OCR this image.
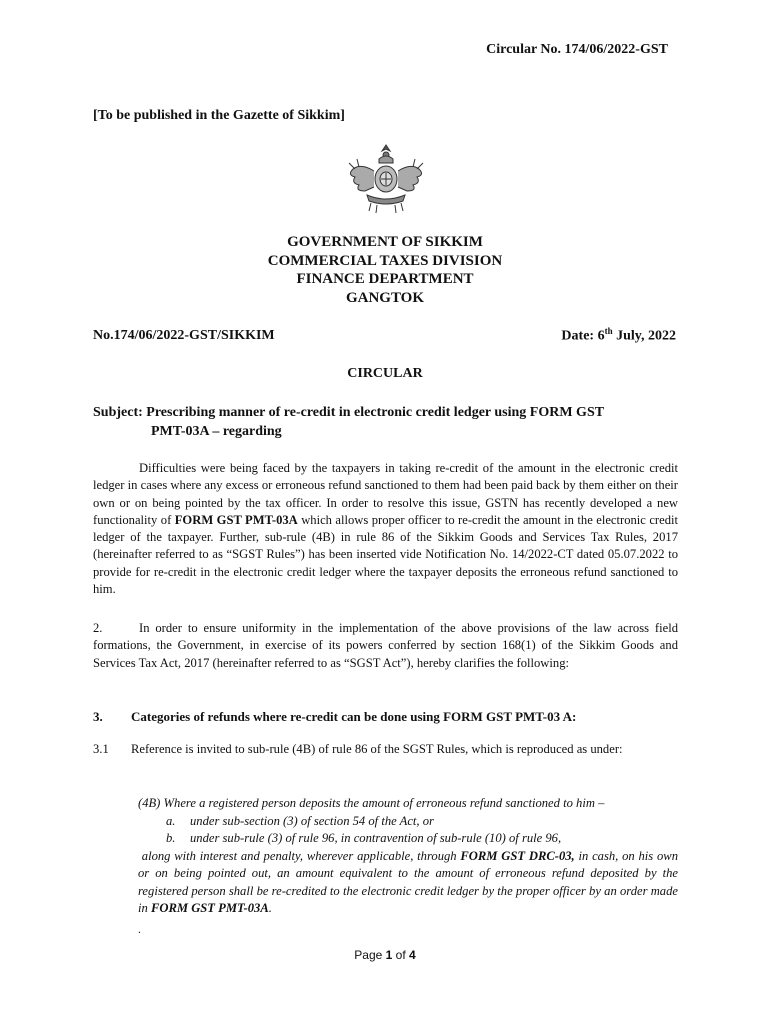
Circular No. 174/06/2022-GST
[To be published in the Gazette of Sikkim]
GOVERNMENT OF SIKKIM
COMMERCIAL TAXES DIVISION
FINANCE DEPARTMENT
GANGTOK
No.174/06/2022-GST/SIKKIM	Date: 6th July, 2022
CIRCULAR
Subject: Prescribing manner of re-credit in electronic credit ledger using FORM GST
PMT-03A – regarding
Difficulties were being faced by the taxpayers in taking re-credit of the amount in the electronic credit ledger in cases where any excess or erroneous refund sanctioned to them had been paid back by them either on their own or on being pointed by the tax officer. In order to resolve this issue, GSTN has recently developed a new functionality of FORM GST PMT-03A which allows proper officer to re-credit the amount in the electronic credit ledger of the taxpayer. Further, sub-rule (4B) in rule 86 of the Sikkim Goods and Services Tax Rules, 2017 (hereinafter referred to as “SGST Rules”) has been inserted vide Notification No. 14/2022-CT dated 05.07.2022 to provide for re-credit in the electronic credit ledger where the taxpayer deposits the erroneous refund sanctioned to him.
2.	In order to ensure uniformity in the implementation of the above provisions of the law across field formations, the Government, in exercise of its powers conferred by section 168(1) of the Sikkim Goods and Services Tax Act, 2017 (hereinafter referred to as “SGST Act”), hereby clarifies the following:
3. Categories of refunds where re-credit can be done using FORM GST PMT-03 A:
3.1 Reference is invited to sub-rule (4B) of rule 86 of the SGST Rules, which is reproduced as under:
(4B) Where a registered person deposits the amount of erroneous refund sanctioned to him –
a. under sub-section (3) of section 54 of the Act, or
b. under sub-rule (3) of rule 96, in contravention of sub-rule (10) of rule 96,
along with interest and penalty, wherever applicable, through FORM GST DRC-03, in cash, on his own or on being pointed out, an amount equivalent to the amount of erroneous refund deposited by the registered person shall be re-credited to the electronic credit ledger by the proper officer by an order made in FORM GST PMT-03A.
.
Page 1 of 4
